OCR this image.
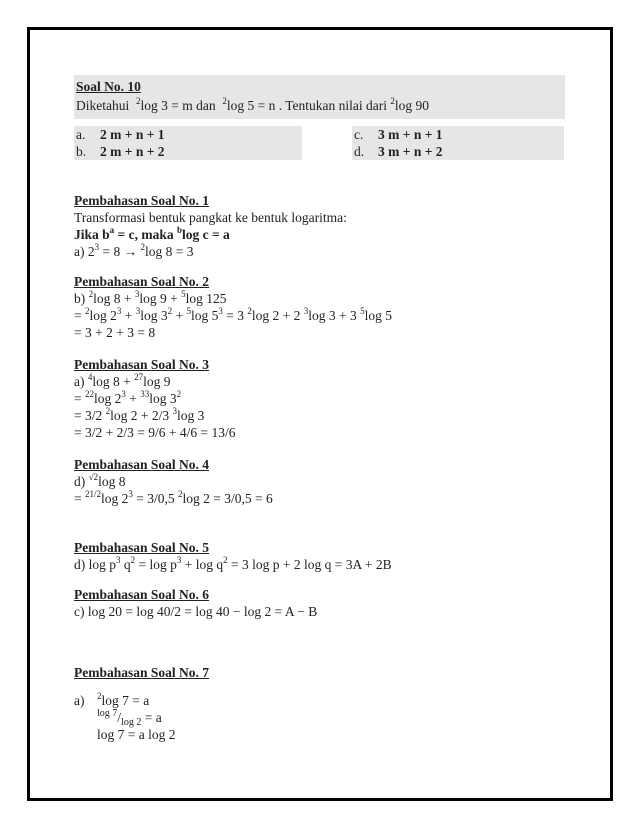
Soal No. 10
Diketahui $^2$log 3 = m dan $^2$log 5 = n . Tentukan nilai dari $^2$log 90
a. 2 m + n + 1
b. 2 m + n + 2
c. 3 m + n + 1
d. 3 m + n + 2
Pembahasan Soal No. 1
Transformasi bentuk pangkat ke bentuk logaritma:
Jika $b^a = c$, maka $^b$log c = a
a) $2^3 = 8 \to ^2\log$ 8 = 3
Pembahasan Soal No. 2
b) $^2$log 8 + $^3$log 9 + $^5$log 125
= $^2$log $2^3 + ^3\log$ $3^2 + ^5\log$ $5^3 = 3$ $^2$log 2 + 2 $^3$log 3 + 3 $^5$log 5
= 3 + 2 + 3 = 8
Pembahasan Soal No. 3
a) $^4$log 8 + $^{27}$log 9
= $^{22}$log $2^3 + ^{33}\log$ $3^2$
= 3/2 $^2$log 2 + 2/3 $^3$log 3
= 3/2 + 2/3 = 9/6 + 4/6 = 13/6
Pembahasan Soal No. 4
d) $^{√2}$log 8
= $^{21/2}$log $2^3 = 3/0,5$ $^2$log 2 = 3/0,5 = 6
Pembahasan Soal No. 5
d) $\log p^3$ $q^2 = \log p^3 + \log q^2 = 3$ log p + 2 log q = 3A + 2B
Pembahasan Soal No. 6
c) log 20 = log 40/2 = log 40 − log 2 = A − B
Pembahasan Soal No. 7
a)	$^2$log 7 = a
$^{log 7}/_{log 2} = a$
log 7 = a log 2
